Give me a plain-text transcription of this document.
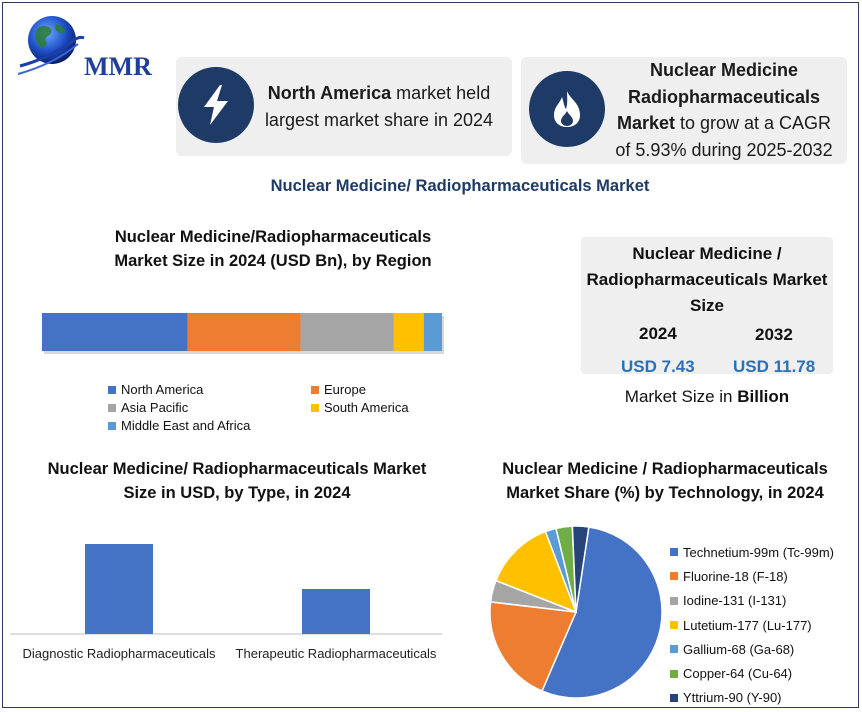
MMR
North America market held largest market share in 2024
Nuclear Medicine Radiopharmaceuticals Market to grow at a CAGR of 5.93% during 2025-2032
Nuclear Medicine/ Radiopharmaceuticals Market
Nuclear Medicine/Radiopharmaceuticals Market Size in 2024 (USD Bn), by Region
North America	Europe
Asia Pacific	South America
Middle East and Africa
Nuclear Medicine / Radiopharmaceuticals Market Size
2024	2032
USD 7.43 USD 11.78
Market Size in Billion
Nuclear Medicine/ Radiopharmaceuticals Market Size in USD, by Type, in 2024
Diagnostic Radiopharmaceuticals Therapeutic Radiopharmaceuticals
Nuclear Medicine / Radiopharmaceuticals Market Share (%) by Technology, in 2024
Technetium-99m (Tc-99m)
Fluorine-18 (F-18)
Iodine-131 (I-131)
Lutetium-177 (Lu-177)
Gallium-68 (Ga-68)
Copper-64 (Cu-64)
Yttrium-90 (Y-90)
